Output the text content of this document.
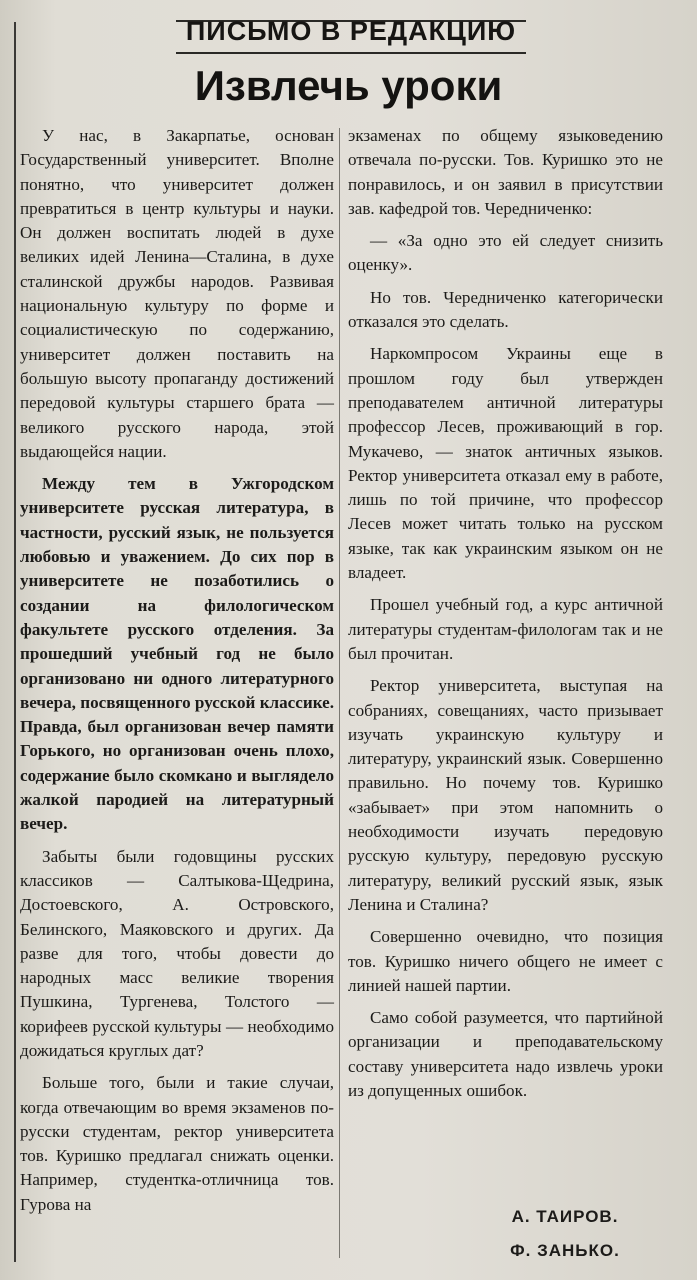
ПИСЬМО В РЕДАКЦИЮ
Извлечь уроки

У нас, в Закарпатье, основан Государственный университет. Вполне понятно, что университет должен превратиться в центр культуры и науки. Он должен воспитать людей в духе великих идей Ленина—Сталина, в духе сталинской дружбы народов. Развивая национальную культуру по форме и социалистическую по содержанию, университет должен поставить на большую высоту пропаганду достижений передовой культуры старшего брата — великого русского народа, этой выдающейся нации.

Между тем в Ужгородском университете русская литература, в частности, русский язык, не пользуется любовью и уважением. До сих пор в университете не позаботились о создании на филологическом факультете русского отделения. За прошедший учебный год не было организовано ни одного литературного вечера, посвященного русской классике. Правда, был организован вечер памяти Горького, но организован очень плохо, содержание было скомкано и выглядело жалкой пародией на литературный вечер.

Забыты были годовщины русских классиков — Салтыкова-Щедрина, Достоевского, А. Островского, Белинского, Маяковского и других. Да разве для того, чтобы довести до народных масс великие творения Пушкина, Тургенева, Толстого — корифеев русской культуры — необходимо дожидаться круглых дат?

Больше того, были и такие случаи, когда отвечающим во время экзаменов по-русски студентам, ректор университета тов. Куришко предлагал снижать оценки. Например, студентка-отличница тов. Гурова на

экзаменах по общему языковедению отвечала по-русски. Тов. Куришко это не понравилось, и он заявил в присутствии зав. кафедрой тов. Чередниченко:

— «За одно это ей следует снизить оценку».

Но тов. Чередниченко категорически отказался это сделать.

Наркомпросом Украины еще в прошлом году был утвержден преподавателем античной литературы профессор Лесев, проживающий в гор. Мукачево, — знаток античных языков. Ректор университета отказал ему в работе, лишь по той причине, что профессор Лесев может читать только на русском языке, так как украинским языком он не владеет.

Прошел учебный год, а курс античной литературы студентам-филологам так и не был прочитан.

Ректор университета, выступая на собраниях, совещаниях, часто призывает изучать украинскую культуру и литературу, украинский язык. Совершенно правильно. Но почему тов. Куришко «забывает» при этом напомнить о необходимости изучать передовую русскую культуру, передовую русскую литературу, великий русский язык, язык Ленина и Сталина?

Совершенно очевидно, что позиция тов. Куришко ничего общего не имеет с линией нашей партии.

Само собой разумеется, что партийной организации и преподавательскому составу университета надо извлечь уроки из допущенных ошибок.

А. ТАИРОВ.
Ф. ЗАНЬКО.
